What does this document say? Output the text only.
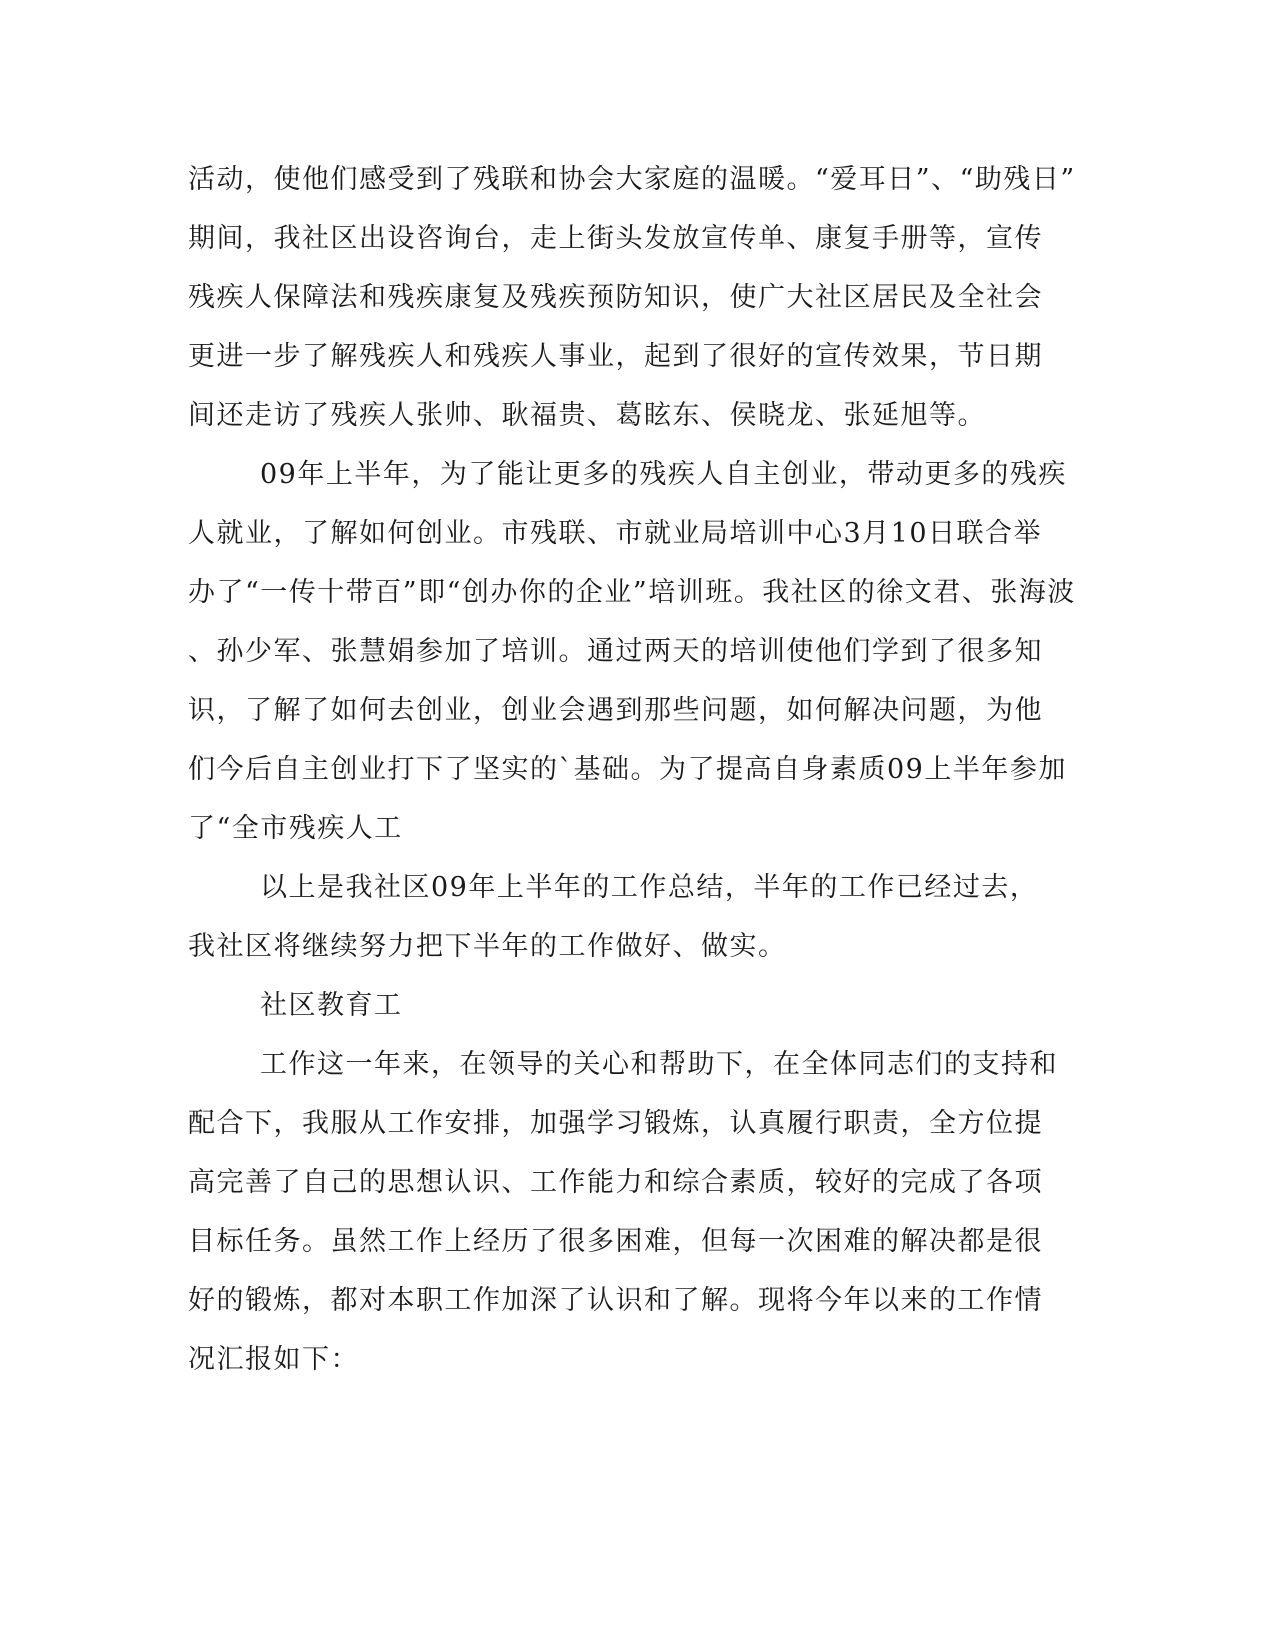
活动，使他们感受到了残联和协会大家庭的温暖。“爱耳日”、“助残日”
期间，我社区出设咨询台，走上街头发放宣传单、康复手册等，宣传
残疾人保障法和残疾康复及残疾预防知识，使广大社区居民及全社会
更进一步了解残疾人和残疾人事业，起到了很好的宣传效果，节日期
间还走访了残疾人张帅、耿福贵、葛眩东、侯晓龙、张延旭等。
09年上半年，为了能让更多的残疾人自主创业，带动更多的残疾
人就业，了解如何创业。市残联、市就业局培训中心3月10日联合举
办了“一传十带百”即“创办你的企业”培训班。我社区的徐文君、张海波
、孙少军、张慧娟参加了培训。通过两天的培训使他们学到了很多知
识，了解了如何去创业，创业会遇到那些问题，如何解决问题，为他
们今后自主创业打下了坚实的`基础。为了提高自身素质09上半年参加
了“全市残疾人工
以上是我社区09年上半年的工作总结，半年的工作已经过去，
我社区将继续努力把下半年的工作做好、做实。
社区教育工
工作这一年来，在领导的关心和帮助下，在全体同志们的支持和
配合下，我服从工作安排，加强学习锻炼，认真履行职责，全方位提
高完善了自己的思想认识、工作能力和综合素质，较好的完成了各项
目标任务。虽然工作上经历了很多困难，但每一次困难的解决都是很
好的锻炼，都对本职工作加深了认识和了解。现将今年以来的工作情
况汇报如下：
